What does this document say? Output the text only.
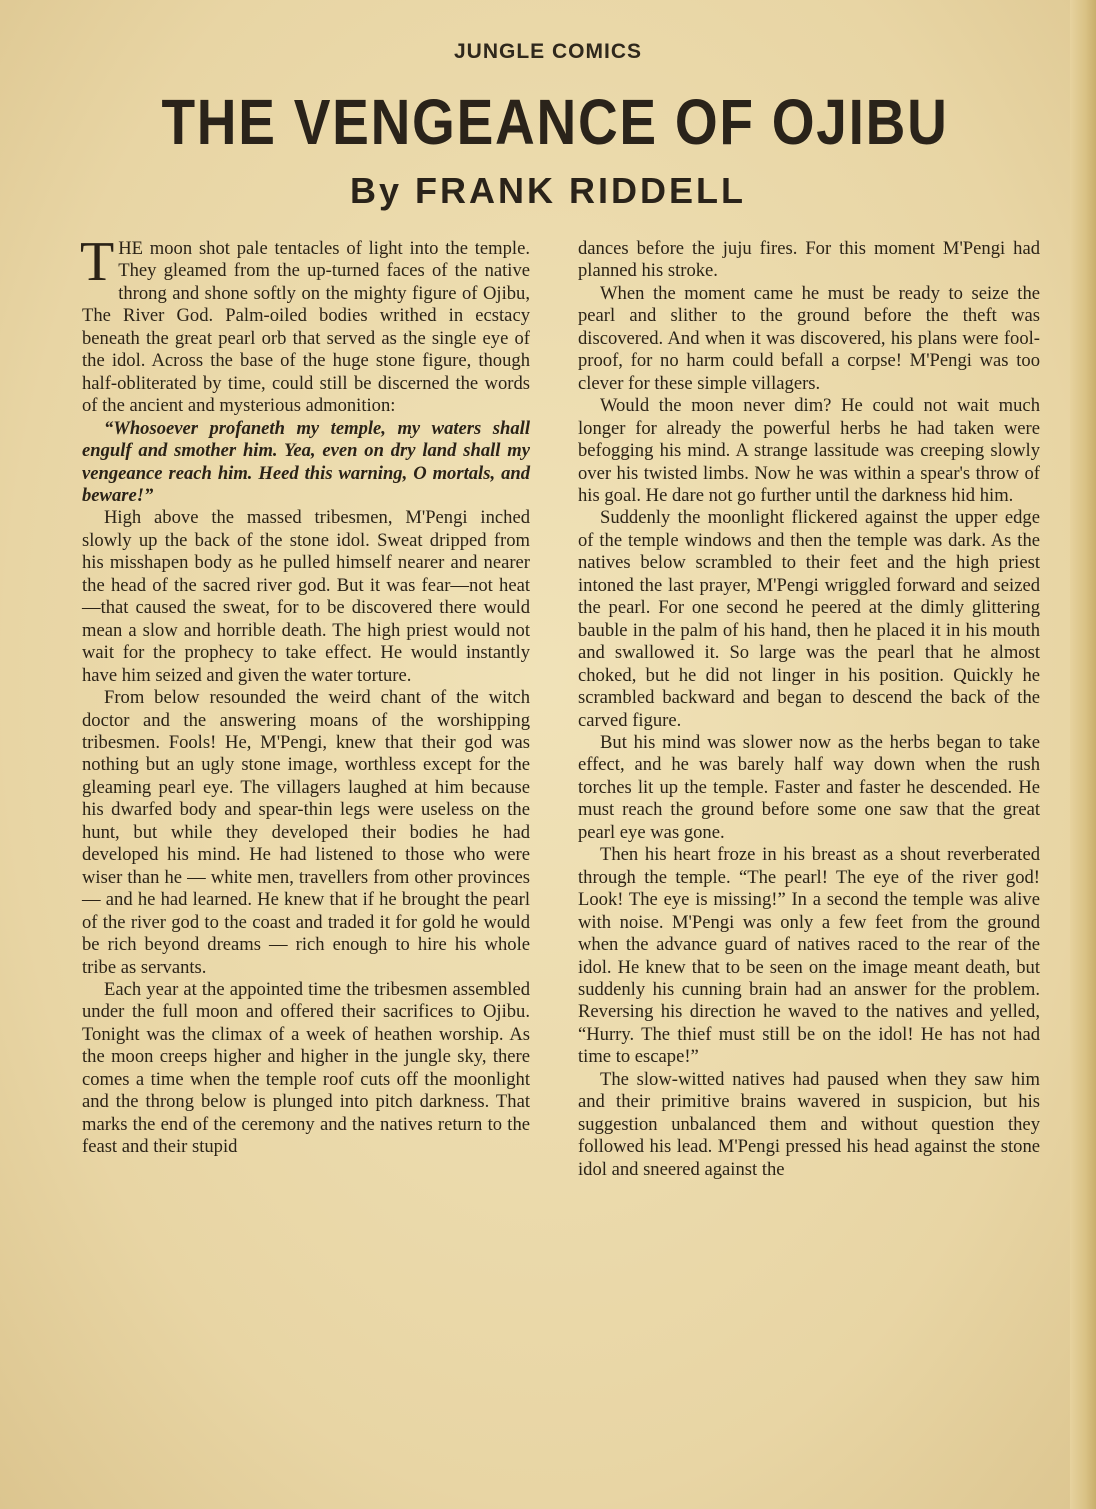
JUNGLE COMICS
THE VENGEANCE OF OJIBU
By FRANK RIDDELL

THE moon shot pale tentacles of light into the temple. They gleamed from the up-turned faces of the native throng and shone softly on the mighty figure of Ojibu, The River God. Palm-oiled bodies writhed in ecstacy beneath the great pearl orb that served as the single eye of the idol. Across the base of the huge stone figure, though half-obliterated by time, could still be discerned the words of the ancient and mysterious admonition:

“Whosoever profaneth my temple, my waters shall engulf and smother him. Yea, even on dry land shall my vengeance reach him. Heed this warning, O mortals, and beware!”

High above the massed tribesmen, M'Pengi inched slowly up the back of the stone idol. Sweat dripped from his misshapen body as he pulled himself nearer and nearer the head of the sacred river god. But it was fear—not heat—that caused the sweat, for to be discovered there would mean a slow and horrible death. The high priest would not wait for the prophecy to take effect. He would instantly have him seized and given the water torture.

From below resounded the weird chant of the witch doctor and the answering moans of the worshipping tribesmen. Fools! He, M'Pengi, knew that their god was nothing but an ugly stone image, worthless except for the gleaming pearl eye. The villagers laughed at him because his dwarfed body and spear-thin legs were useless on the hunt, but while they developed their bodies he had developed his mind. He had listened to those who were wiser than he — white men, travellers from other provinces — and he had learned. He knew that if he brought the pearl of the river god to the coast and traded it for gold he would be rich beyond dreams — rich enough to hire his whole tribe as servants.

Each year at the appointed time the tribesmen assembled under the full moon and offered their sacrifices to Ojibu. Tonight was the climax of a week of heathen worship. As the moon creeps higher and higher in the jungle sky, there comes a time when the temple roof cuts off the moonlight and the throng below is plunged into pitch darkness. That marks the end of the ceremony and the natives return to the feast and their stupid

dances before the juju fires. For this moment M'Pengi had planned his stroke.

When the moment came he must be ready to seize the pearl and slither to the ground before the theft was discovered. And when it was discovered, his plans were fool-proof, for no harm could befall a corpse! M'Pengi was too clever for these simple villagers.

Would the moon never dim? He could not wait much longer for already the powerful herbs he had taken were befogging his mind. A strange lassitude was creeping slowly over his twisted limbs. Now he was within a spear's throw of his goal. He dare not go further until the darkness hid him.

Suddenly the moonlight flickered against the upper edge of the temple windows and then the temple was dark. As the natives below scrambled to their feet and the high priest intoned the last prayer, M'Pengi wriggled forward and seized the pearl. For one second he peered at the dimly glittering bauble in the palm of his hand, then he placed it in his mouth and swallowed it. So large was the pearl that he almost choked, but he did not linger in his position. Quickly he scrambled backward and began to descend the back of the carved figure.

But his mind was slower now as the herbs began to take effect, and he was barely half way down when the rush torches lit up the temple. Faster and faster he descended. He must reach the ground before some one saw that the great pearl eye was gone.

Then his heart froze in his breast as a shout reverberated through the temple. “The pearl! The eye of the river god! Look! The eye is missing!” In a second the temple was alive with noise. M'Pengi was only a few feet from the ground when the advance guard of natives raced to the rear of the idol. He knew that to be seen on the image meant death, but suddenly his cunning brain had an answer for the problem. Reversing his direction he waved to the natives and yelled, “Hurry. The thief must still be on the idol! He has not had time to escape!”

The slow-witted natives had paused when they saw him and their primitive brains wavered in suspicion, but his suggestion unbalanced them and without question they followed his lead. M'Pengi pressed his head against the stone idol and sneered against the
